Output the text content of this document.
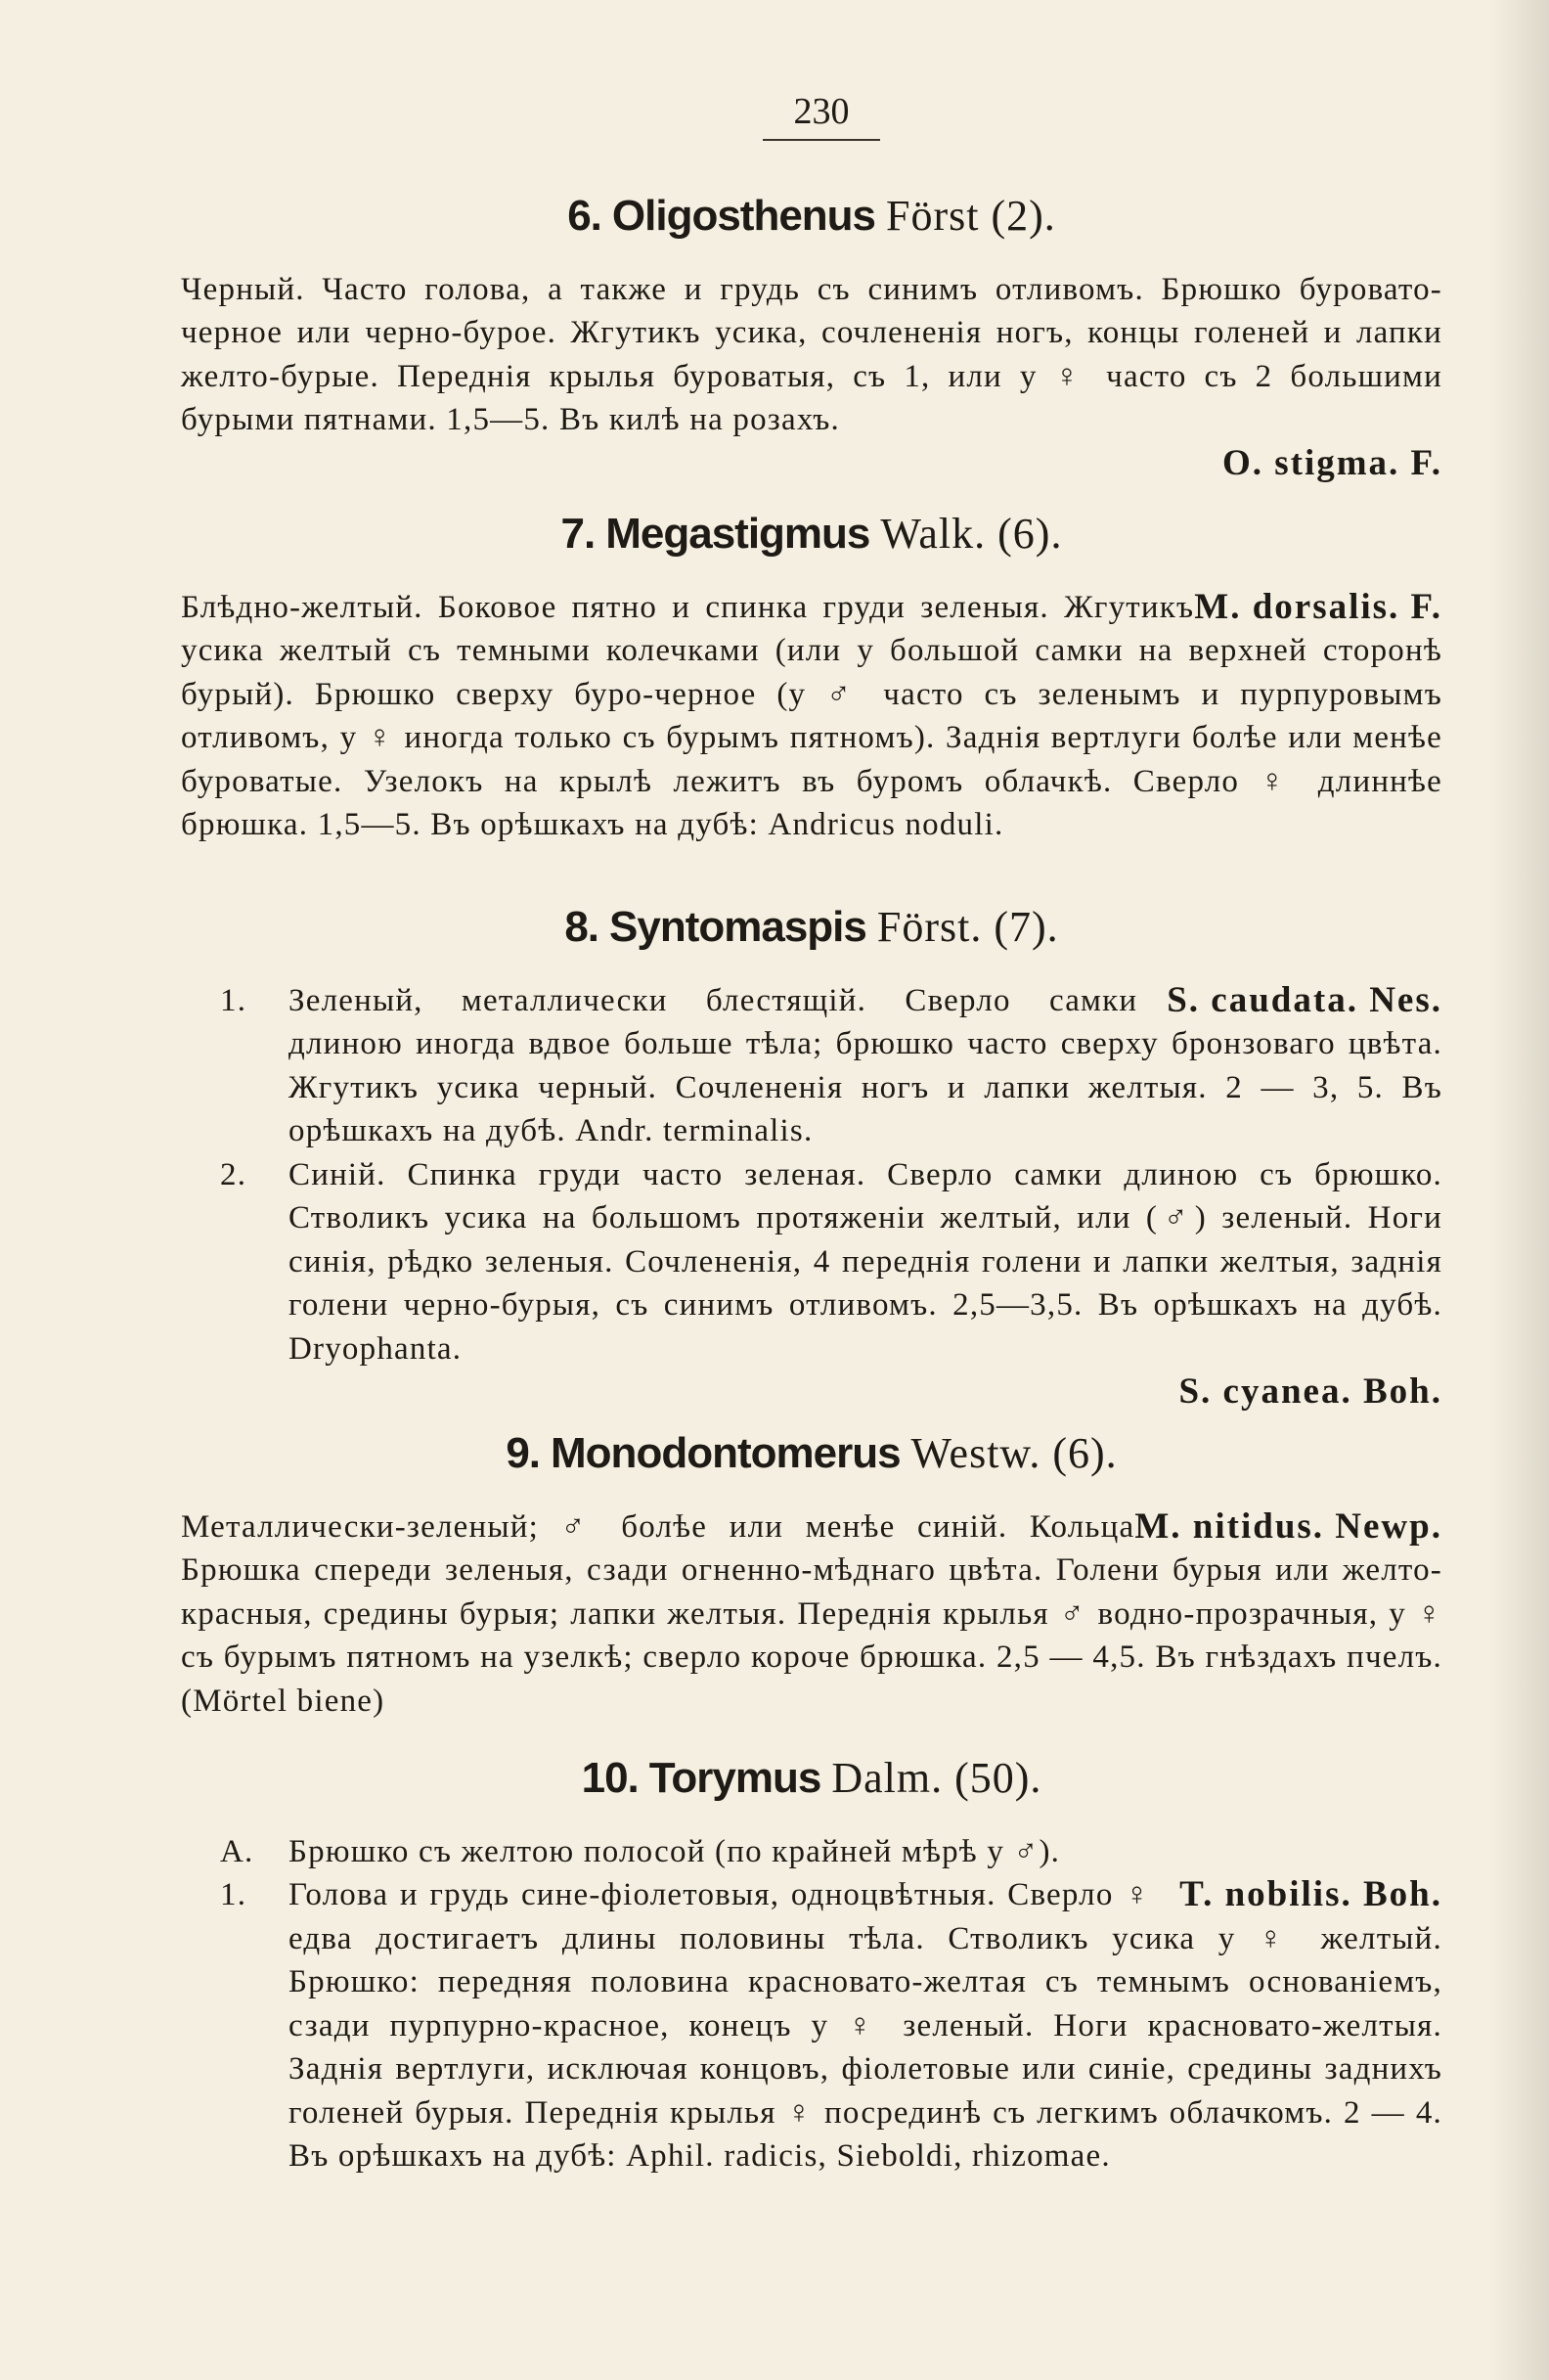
230
6. Oligosthenus Först (2).

Черный. Часто голова, а также и грудь съ синимъ отливомъ. Брюшко буровато-черное или черно-бурое. Жгутикъ усика, сочлененія ногъ, концы голеней и лапки желто-бурые. Переднія крылья буроватыя, съ 1, или у ♀ часто съ 2 большими бурыми пятнами. 1,5—5. Въ килѣ на розахъ.

O. stigma. F.

7. Megastigmus Walk. (6).

M. dorsalis. F.
Блѣдно-желтый. Боковое пятно и спинка груди зеленыя. Жгутикъ усика желтый съ темными колечками (или у большой самки на верхней сторонѣ бурый). Брюшко сверху буро-черное (у ♂ часто съ зеленымъ и пурпуровымъ отливомъ, у ♀ иногда только съ бурымъ пятномъ). Заднія вертлуги болѣе или менѣе буроватые. Узелокъ на крылѣ лежитъ въ буромъ облачкѣ. Сверло ♀ длиннѣе брюшка. 1,5—5. Въ орѣшкахъ на дубѣ: Andricus noduli.

8. Syntomaspis Först. (7).

1.	S. caudata. Nes.
Зеленый, металлически блестящій. Сверло самки длиною иногда вдвое больше тѣла; брюшко часто сверху бронзоваго цвѣта. Жгутикъ усика черный. Сочлененія ногъ и лапки желтыя. 2 — 3, 5. Въ орѣшкахъ на дубѣ. Andr. terminalis.

2. Синій. Спинка груди часто зеленая. Сверло самки длиною съ брюшко. Стволикъ усика на большомъ протяженіи желтый, или (♂) зеленый. Ноги синія, рѣдко зеленыя. Сочлененія, 4 переднія голени и лапки желтыя, заднія голени черно-бурыя, съ синимъ отливомъ. 2,5—3,5. Въ орѣшкахъ на дубѣ. Dryophanta.

S. cyanea. Boh.

9. Monodontomerus Westw. (6).

M. nitidus. Newp.
Металлически-зеленый; ♂ болѣе или менѣе синій. Кольца Брюшка спереди зеленыя, сзади огненно-мѣднаго цвѣта. Голени бурыя или желто-красныя, средины бурыя; лапки желтыя. Переднія крылья ♂ водно-прозрачныя, у ♀ съ бурымъ пятномъ на узелкѣ; сверло короче брюшка. 2,5 — 4,5. Въ гнѣздахъ пчелъ. (Mörtel biene)

10. Torymus Dalm. (50).

A. Брюшко съ желтою полосой (по крайней мѣрѣ у ♂).

1.	T. nobilis. Boh.
Голова и грудь сине-фіолетовыя, одноцвѣтныя. Сверло ♀ едва достигаетъ длины половины тѣла. Стволикъ усика у ♀ желтый. Брюшко: передняя половина красновато-желтая съ темнымъ основаніемъ, сзади пурпурно-красное, конецъ у ♀ зеленый. Ноги красновато-желтыя. Заднія вертлуги, исключая концовъ, фіолетовые или синіе, средины заднихъ голеней бурыя. Переднія крылья ♀ посрединѣ съ легкимъ облачкомъ. 2 — 4. Въ орѣшкахъ на дубѣ: Aphil. radicis, Sieboldi, rhizomae.
